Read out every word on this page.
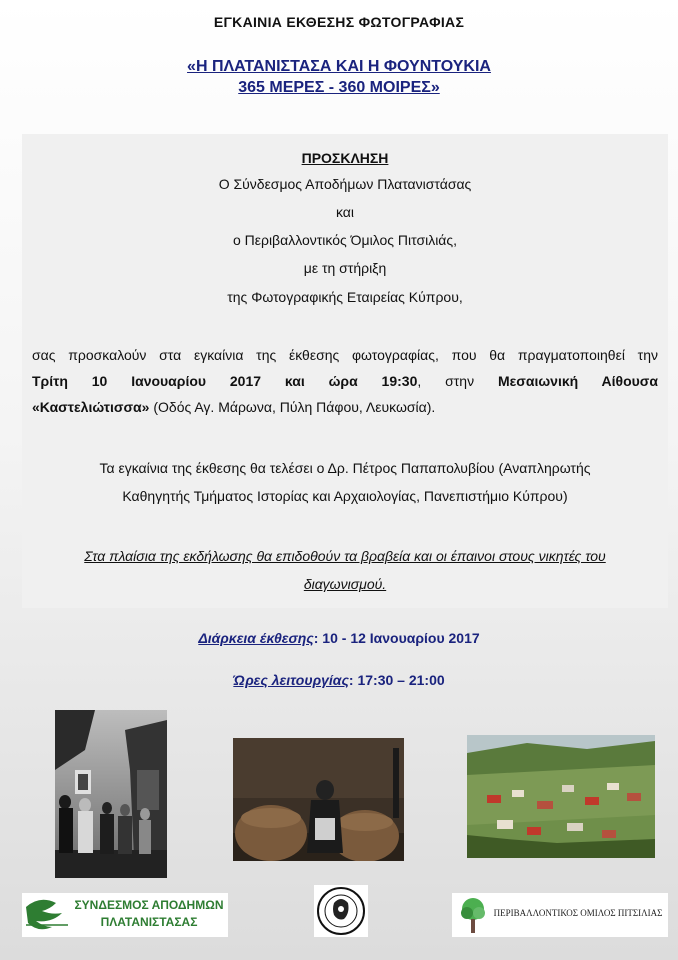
ΕΓΚΑΙΝΙΑ ΕΚΘΕΣΗΣ ΦΩΤΟΓΡΑΦΙΑΣ
«Η ΠΛΑΤΑΝΙΣΤΑΣΑ ΚΑΙ Η ΦΟΥΝΤΟΥΚΙΑ
365 ΜΕΡΕΣ - 360 ΜΟΙΡΕΣ»
ΠΡΟΣΚΛΗΣΗ
Ο Σύνδεσμος Αποδήμων Πλατανιστάσας
και
ο Περιβαλλοντικός Όμιλος Πιτσιλιάς,
με τη στήριξη
της Φωτογραφικής Εταιρείας Κύπρου,
σας προσκαλούν στα εγκαίνια της έκθεσης φωτογραφίας, που θα πραγματοποιηθεί την
Τρίτη 10 Ιανουαρίου 2017 και ώρα 19:30, στην Μεσαιωνική Αίθουσα
«Καστελιώτισσα» (Οδός Αγ. Μάρωνα, Πύλη Πάφου, Λευκωσία).
Τα εγκαίνια της έκθεσης θα τελέσει ο Δρ. Πέτρος Παπαπολυβίου (Αναπληρωτής
Καθηγητής Τμήματος Ιστορίας και Αρχαιολογίας, Πανεπιστήμιο Κύπρου)
Στα πλαίσια της εκδήλωσης θα επιδοθούν τα βραβεία και οι έπαινοι στους νικητές του
διαγωνισμού.
Διάρκεια έκθεσης: 10 - 12 Ιανουαρίου 2017
Ώρες λειτουργίας: 17:30 – 21:00
ΣΥΝΔΕΣΜΟΣ ΑΠΟΔΗΜΩΝ
ΠΛΑΤΑΝΙΣΤΑΣΑΣ
ΠΕΡΙΒΑΛΛΟΝΤΙΚΟΣ ΟΜΙΛΟΣ ΠΙΤΣΙΛΙΑΣ
